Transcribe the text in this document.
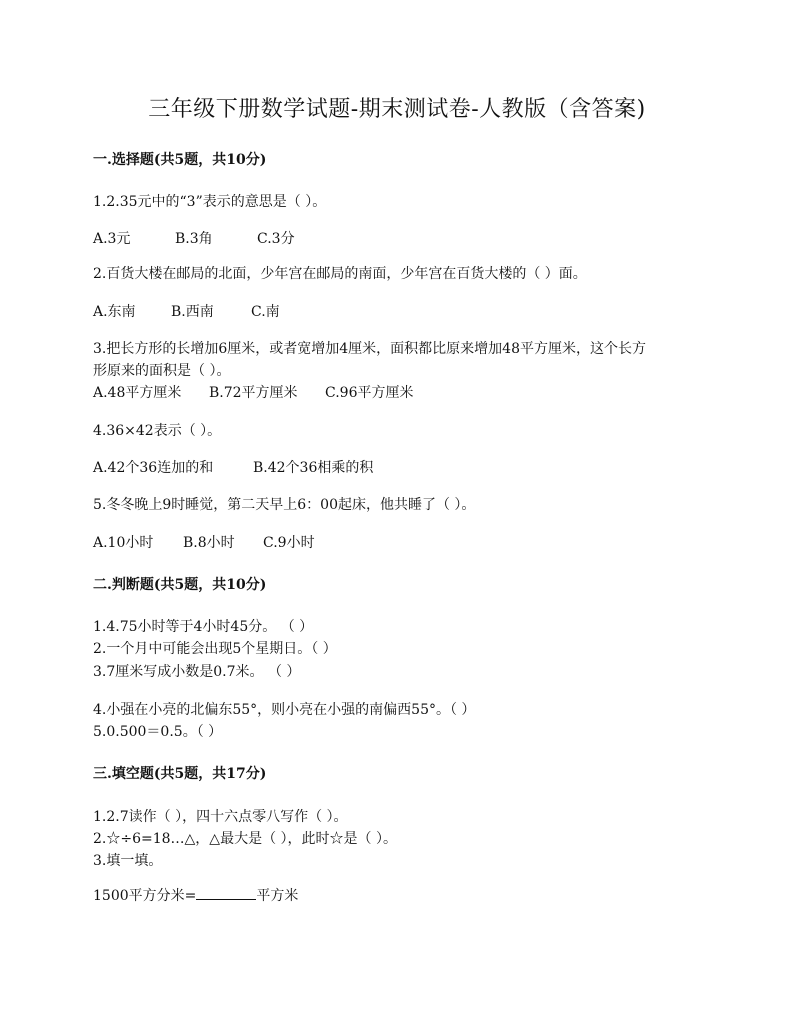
三年级下册数学试题-期末测试卷-人教版（含答案)
一.选择题(共5题，共10分)
1.2.35元中的“3”表示的意思是（ ）。
A.3元	B.3角	C.3分
2.百货大楼在邮局的北面，少年宫在邮局的南面，少年宫在百货大楼的（ ）面。
A.东南	B.西南	C.南
3.把长方形的长增加6厘米，或者宽增加4厘米，面积都比原来增加48平方厘米，这个长方
形原来的面积是（ ）。
A.48平方厘米 B.72平方厘米 C.96平方厘米
4.36×42表示（ ）。
A.42个36连加的和	B.42个36相乘的积
5.冬冬晚上9时睡觉，第二天早上6：00起床，他共睡了（ ）。
A.10小时 B.8小时 C.9小时
二.判断题(共5题，共10分)
1.4.75小时等于4小时45分。 （ ）
2.一个月中可能会出现5个星期日。（ ）
3.7厘米写成小数是0.7米。 （ ）
4.小强在小亮的北偏东55°，则小亮在小强的南偏西55°。（ ）
5.0.500＝0.5。（ ）
三.填空题(共5题，共17分)
1.2.7读作（ ），四十六点零八写作（ ）。
2.☆÷6=18…△，△最大是（ ），此时☆是（ ）。
3.填一填。
1500平方分米=	平方米
